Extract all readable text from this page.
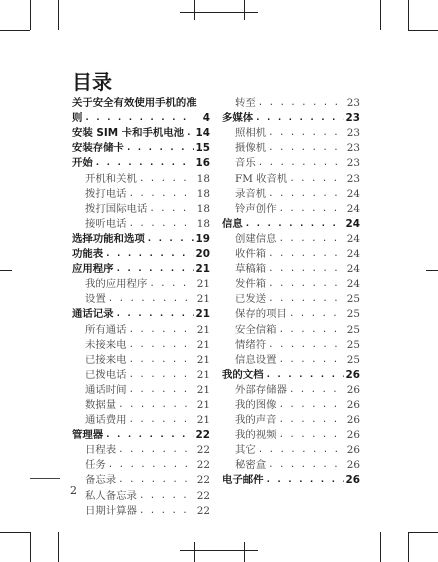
目录
关于安全有效使用手机的准
则 . . .	4
安装 SIM 卡和手机电池 . . . 14
安装存储卡 . . .	15
开始 . . .	16
开机和关机 . . .	18
拨打电话 . . .	18
拨打国际电话 . . .	18
接听电话 . . .	18
选择功能和选项 . . .	19
功能表 . . .	20
应用程序 . . .	21
我的应用程序 . . .	21
设置 . . .	21
通话记录 . . .	21
所有通话 . . .	21
未接来电 . . .	21
已接来电 . . .	21
已拨电话 . . .	21
通话时间 . . .	21
数据量 . . .	21
通话费用 . . .	21
管理器 . . .	22
日程表 . . .	22
任务 . . .	22
备忘录 . . .	22
私人备忘录 . . .	22
日期计算器 . . .	22
转至 . . .	23
多媒体 . . .	23
照相机 . . .	23
摄像机 . . .	23
音乐 . . .	23
FM 收音机 . . .	23
录音机 . . .	24
铃声创作 . . .	24
信息 . . .	24
创建信息 . . .	24
收件箱 . . .	24
草稿箱 . . .	24
发件箱 . . .	24
已发送 . . .	25
保存的项目 . . .	25
安全信箱 . . .	25
情绪符 . . .	25
信息设置 . . .	25
我的文档 . . .	26
外部存储器 . . .	26
我的图像 . . .	26
我的声音 . . .	26
我的视频 . . .	26
其它 . . .	26
秘密盒 . . .	26
电子邮件 . . .	26
2
